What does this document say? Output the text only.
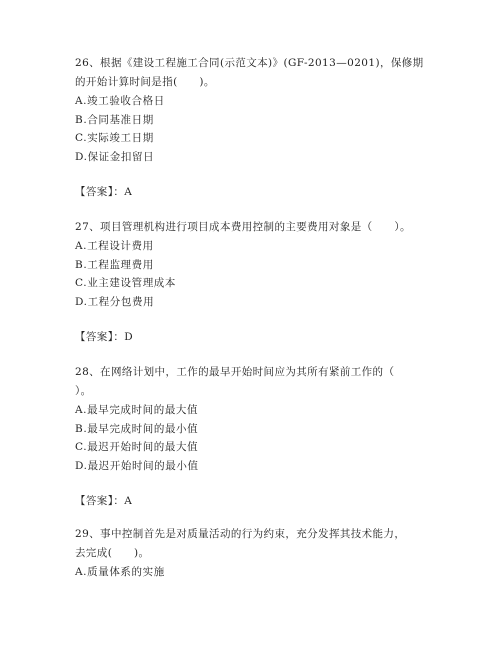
26、根据《建设工程施工合同(示范文本)》(GF-2013—0201)，保修期
的开始计算时间是指(　　)。
A.竣工验收合格日
B.合同基准日期
C.实际竣工日期
D.保证金扣留日
【答案】：A
27、项目管理机构进行项目成本费用控制的主要费用对象是（　　）。
A.工程设计费用
B.工程监理费用
C.业主建设管理成本
D.工程分包费用
【答案】：D
28、在网络计划中，工作的最早开始时间应为其所有紧前工作的（
）。
A.最早完成时间的最大值
B.最早完成时间的最小值
C.最迟开始时间的最大值
D.最迟开始时间的最小值
【答案】：A
29、事中控制首先是对质量活动的行为约束，充分发挥其技术能力，
去完成(　　)。
A.质量体系的实施
